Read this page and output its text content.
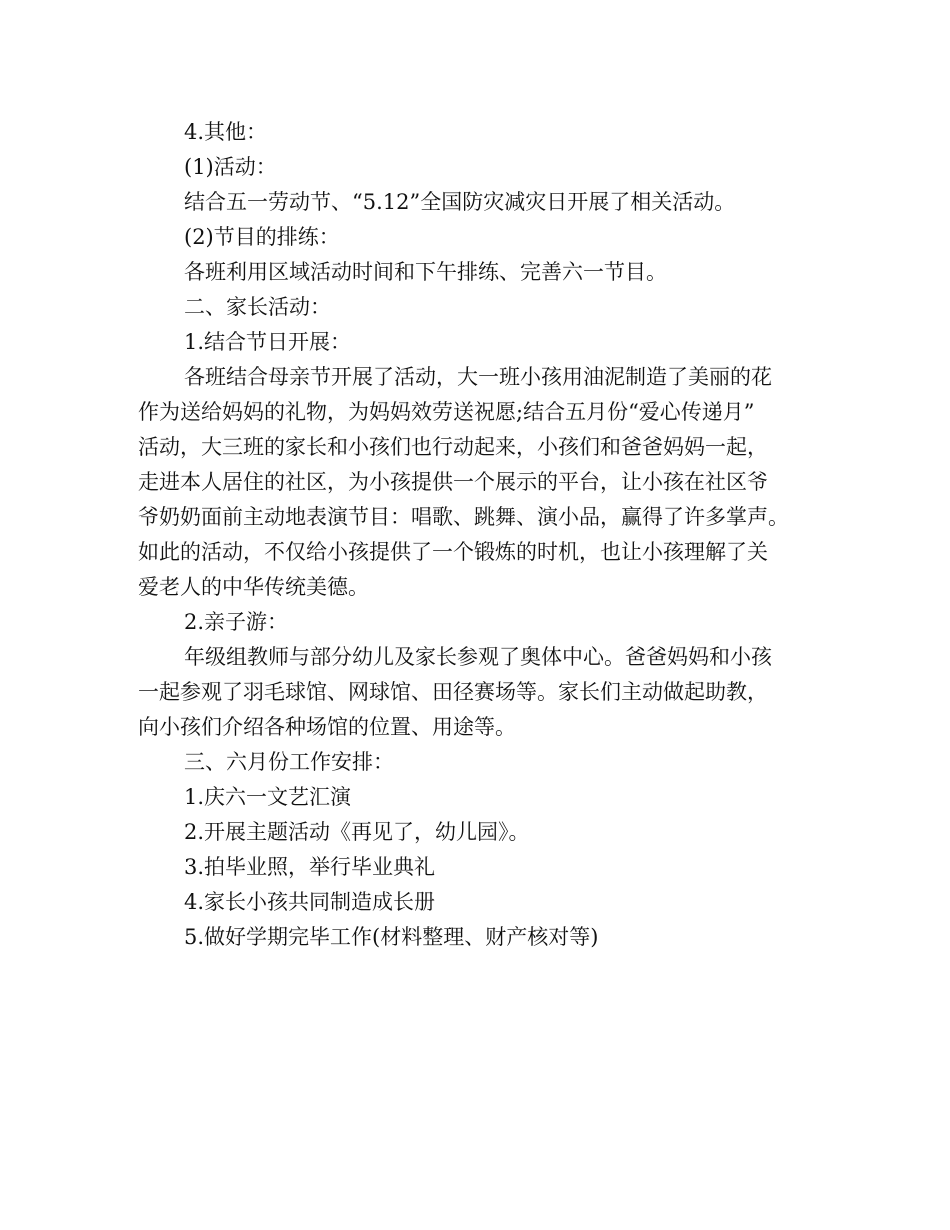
4.其他：
(1)活动：
结合五一劳动节、“5.12”全国防灾减灾日开展了相关活动。
(2)节目的排练：
各班利用区域活动时间和下午排练、完善六一节目。
二、家长活动：
1.结合节日开展：
各班结合母亲节开展了活动，大一班小孩用油泥制造了美丽的花
作为送给妈妈的礼物，为妈妈效劳送祝愿;结合五月份“爱心传递月”
活动，大三班的家长和小孩们也行动起来，小孩们和爸爸妈妈一起，
走进本人居住的社区，为小孩提供一个展示的平台，让小孩在社区爷
爷奶奶面前主动地表演节目：唱歌、跳舞、演小品，赢得了许多掌声。
如此的活动，不仅给小孩提供了一个锻炼的时机，也让小孩理解了关
爱老人的中华传统美德。
2.亲子游：
年级组教师与部分幼儿及家长参观了奥体中心。爸爸妈妈和小孩
一起参观了羽毛球馆、网球馆、田径赛场等。家长们主动做起助教，
向小孩们介绍各种场馆的位置、用途等。
三、六月份工作安排：
1.庆六一文艺汇演
2.开展主题活动《再见了，幼儿园》。
3.拍毕业照，举行毕业典礼
4.家长小孩共同制造成长册
5.做好学期完毕工作(材料整理、财产核对等)
